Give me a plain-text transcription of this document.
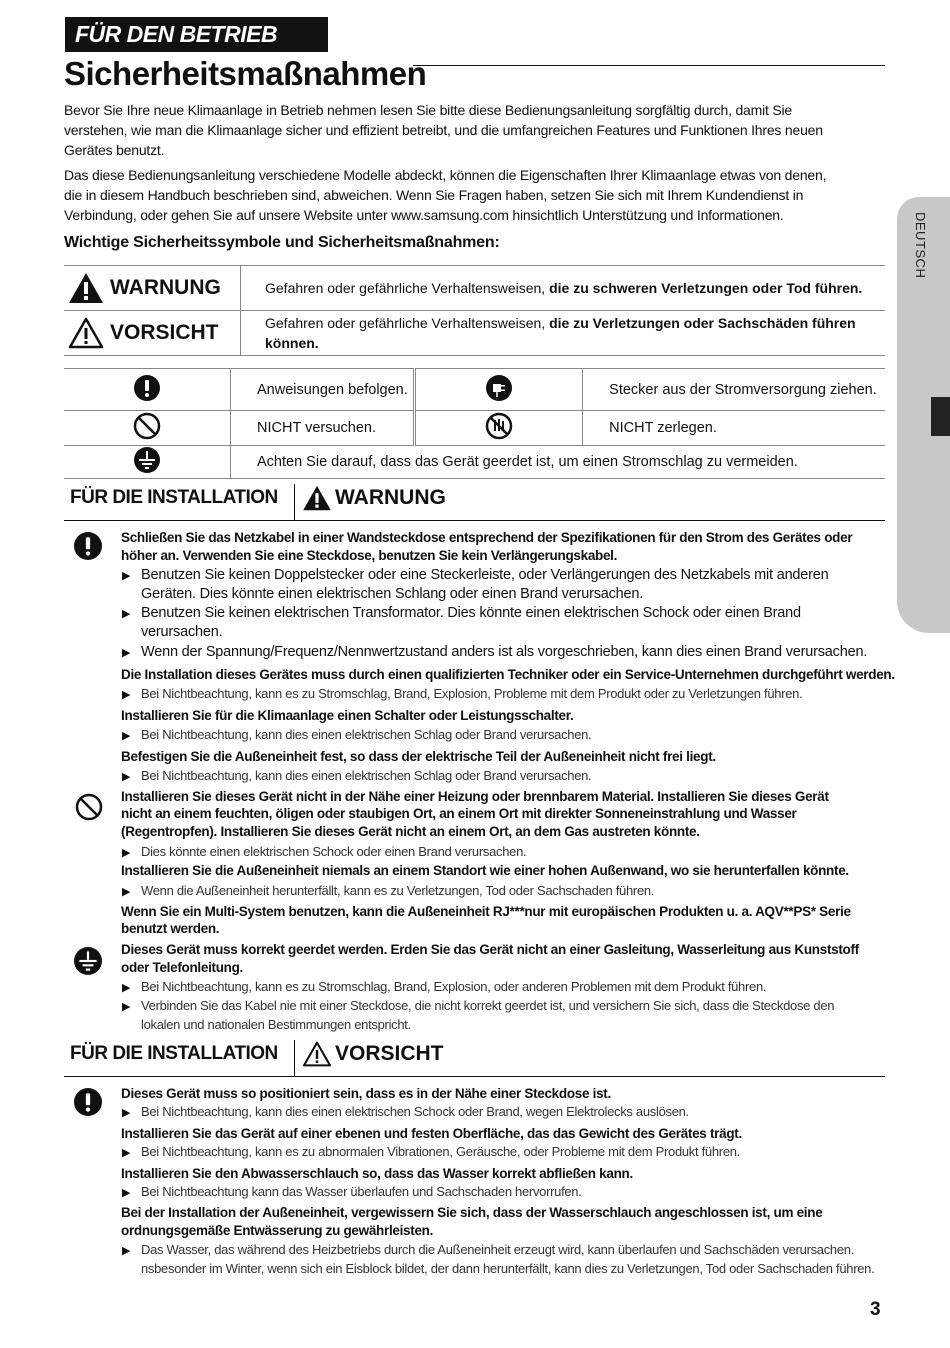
FÜR DEN BETRIEB
Sicherheitsmaßnahmen
DEUTSCH
Bevor Sie Ihre neue Klimaanlage in Betrieb nehmen lesen Sie bitte diese Bedienungsanleitung sorgfältig durch, damit Sie
verstehen, wie man die Klimaanlage sicher und effizient betreibt, und die umfangreichen Features und Funktionen Ihres neuen
Gerätes benutzt.
Das diese Bedienungsanleitung verschiedene Modelle abdeckt, können die Eigenschaften Ihrer Klimaanlage etwas von denen,
die in diesem Handbuch beschrieben sind, abweichen. Wenn Sie Fragen haben, setzen Sie sich mit Ihrem Kundendienst in
Verbindung, oder gehen Sie auf unsere Website unter www.samsung.com hinsichtlich Unterstützung und Informationen.
Wichtige Sicherheitssymbole und Sicherheitsmaßnahmen:
WARNUNG	Gefahren oder gefährliche Verhaltensweisen, die zu schweren Verletzungen oder Tod führen.

VORSICHT	Gefahren oder gefährliche Verhaltensweisen, die zu Verletzungen oder Sachschäden führen können.
	Anweisungen befolgen.		Stecker aus der Stromversorgung ziehen.

	NICHT versuchen.		NICHT zerlegen.
	Achten Sie darauf, dass das Gerät geerdet ist, um einen Stromschlag zu vermeiden.		
FÜR DIE INSTALLATION	WARNUNG
Schließen Sie das Netzkabel in einer Wandsteckdose entsprechend der Spezifikationen für den Strom des Gerätes oder
höher an. Verwenden Sie eine Steckdose, benutzen Sie kein Verlängerungskabel.
▶ Benutzen Sie keinen Doppelstecker oder eine Steckerleiste, oder Verlängerungen des Netzkabels mit anderen
Geräten. Dies könnte einen elektrischen Schlang oder einen Brand verursachen.
▶ Benutzen Sie keinen elektrischen Transformator. Dies könnte einen elektrischen Schock oder einen Brand
verursachen.
▶ Wenn der Spannung/Frequenz/Nennwertzustand anders ist als vorgeschrieben, kann dies einen Brand verursachen.
Die Installation dieses Gerätes muss durch einen qualifizierten Techniker oder ein Service-Unternehmen durchgeführt werden.
▶ Bei Nichtbeachtung, kann es zu Stromschlag, Brand, Explosion, Probleme mit dem Produkt oder zu Verletzungen führen.
Installieren Sie für die Klimaanlage einen Schalter oder Leistungsschalter.
▶ Bei Nichtbeachtung, kann dies einen elektrischen Schlag oder Brand verursachen.
Befestigen Sie die Außeneinheit fest, so dass der elektrische Teil der Außeneinheit nicht frei liegt.
▶ Bei Nichtbeachtung, kann dies einen elektrischen Schlag oder Brand verursachen.
Installieren Sie dieses Gerät nicht in der Nähe einer Heizung oder brennbarem Material. Installieren Sie dieses Gerät
nicht an einem feuchten, öligen oder staubigen Ort, an einem Ort mit direkter Sonneneinstrahlung und Wasser
(Regentropfen). Installieren Sie dieses Gerät nicht an einem Ort, an dem Gas austreten könnte.
▶ Dies könnte einen elektrischen Schock oder einen Brand verursachen.
Installieren Sie die Außeneinheit niemals an einem Standort wie einer hohen Außenwand, wo sie herunterfallen könnte.
▶ Wenn die Außeneinheit herunterfällt, kann es zu Verletzungen, Tod oder Sachschaden führen.
Wenn Sie ein Multi-System benutzen, kann die Außeneinheit RJ***nur mit europäischen Produkten u. a. AQV**PS* Serie
benutzt werden.
Dieses Gerät muss korrekt geerdet werden. Erden Sie das Gerät nicht an einer Gasleitung, Wasserleitung aus Kunststoff
oder Telefonleitung.
▶ Bei Nichtbeachtung, kann es zu Stromschlag, Brand, Explosion, oder anderen Problemen mit dem Produkt führen.
▶ Verbinden Sie das Kabel nie mit einer Steckdose, die nicht korrekt geerdet ist, und versichern Sie sich, dass die Steckdose den
lokalen und nationalen Bestimmungen entspricht.
FÜR DIE INSTALLATION	VORSICHT
Dieses Gerät muss so positioniert sein, dass es in der Nähe einer Steckdose ist.
▶ Bei Nichtbeachtung, kann dies einen elektrischen Schock oder Brand, wegen Elektrolecks auslösen.
Installieren Sie das Gerät auf einer ebenen und festen Oberfläche, das das Gewicht des Gerätes trägt.
▶ Bei Nichtbeachtung, kann es zu abnormalen Vibrationen, Geräusche, oder Probleme mit dem Produkt führen.
Installieren Sie den Abwasserschlauch so, dass das Wasser korrekt abfließen kann.
▶ Bei Nichtbeachtung kann das Wasser überlaufen und Sachschaden hervorrufen.
Bei der Installation der Außeneinheit, vergewissern Sie sich, dass der Wasserschlauch angeschlossen ist, um eine
ordnungsgemäße Entwässerung zu gewährleisten.
▶ Das Wasser, das während des Heizbetriebs durch die Außeneinheit erzeugt wird, kann überlaufen und Sachschäden verursachen.
nsbesonder im Winter, wenn sich ein Eisblock bildet, der dann herunterfällt, kann dies zu Verletzungen, Tod oder Sachschaden führen.
3
